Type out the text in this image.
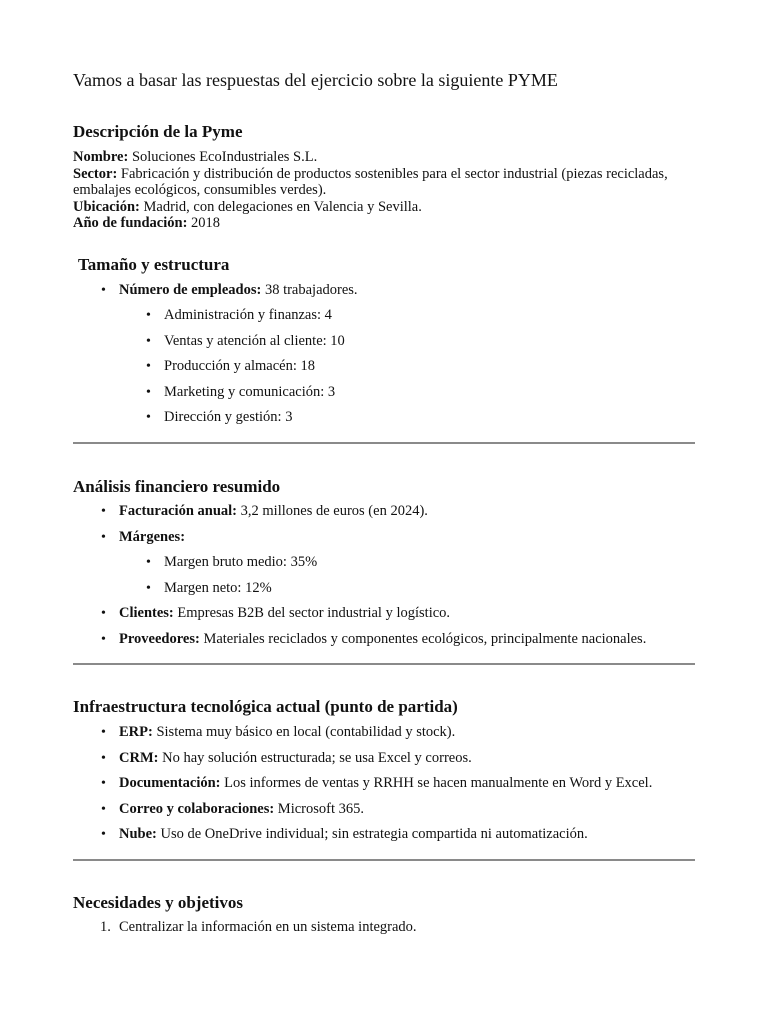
Vamos a basar las respuestas del ejercicio sobre la siguiente PYME

Descripción de la Pyme
Nombre: Soluciones EcoIndustriales S.L.
Sector: Fabricación y distribución de productos sostenibles para el sector industrial (piezas recicladas, embalajes ecológicos, consumibles verdes).
Ubicación: Madrid, con delegaciones en Valencia y Sevilla.
Año de fundación: 2018
Tamaño y estructura
• Número de empleados: 38 trabajadores.
• Administración y finanzas: 4
• Ventas y atención al cliente: 10
• Producción y almacén: 18
• Marketing y comunicación: 3
• Dirección y gestión: 3
Análisis financiero resumido
• Facturación anual: 3,2 millones de euros (en 2024).
• Márgenes:
• Margen bruto medio: 35%
• Margen neto: 12%
• Clientes: Empresas B2B del sector industrial y logístico.
• Proveedores: Materiales reciclados y componentes ecológicos, principalmente nacionales.
Infraestructura tecnológica actual (punto de partida)
• ERP: Sistema muy básico en local (contabilidad y stock).
• CRM: No hay solución estructurada; se usa Excel y correos.
• Documentación: Los informes de ventas y RRHH se hacen manualmente en Word y Excel.
• Correo y colaboraciones: Microsoft 365.
• Nube: Uso de OneDrive individual; sin estrategia compartida ni automatización.
Necesidades y objetivos
1. Centralizar la información en un sistema integrado.
